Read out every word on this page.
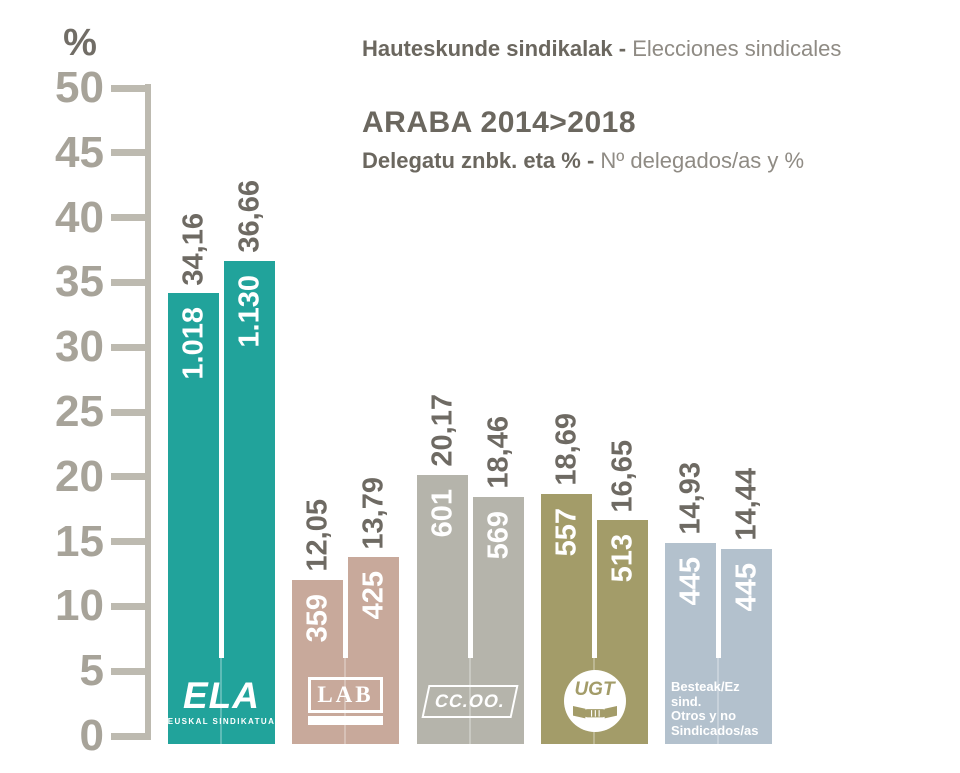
Hauteskunde sindikalak - Elecciones sindicales
ARABA 2014>2018
Delegatu znbk. eta % - Nº delegados/as y %
%
0
5
10
15
20
25
30
35
40
45
50
34,16
1.018
36,66
1.130
ELA
EUSKAL SINDIKATUA
12,05
359
13,79
425
LAB
20,17
601
18,46
569
CC.OO.
18,69
557
16,65
513
UGT
14,93
445
14,44
445
Besteak/Ez sind.
Otros y no
Sindicados/as
